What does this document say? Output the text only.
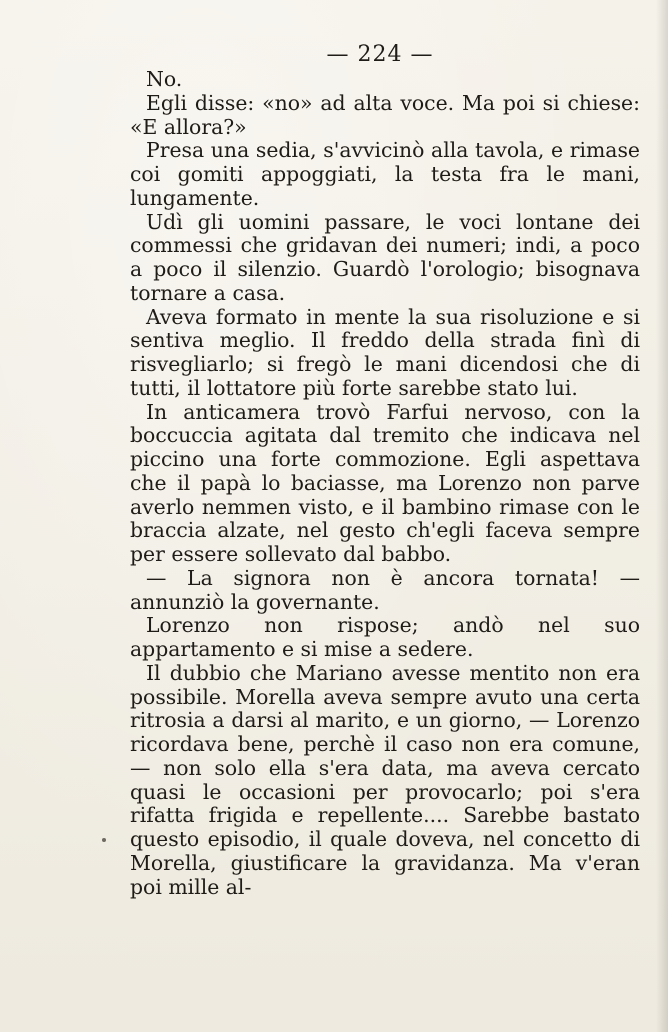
— 224 —

No.

Egli disse: «no» ad alta voce. Ma poi si chiese: «E allora?»

Presa una sedia, s'avvicinò alla tavola, e rimase coi gomiti appoggiati, la testa fra le mani, lungamente.

Udì gli uomini passare, le voci lontane dei commessi che gridavan dei numeri; indi, a poco a poco il silenzio. Guardò l'orologio; bisognava tornare a casa.

Aveva formato in mente la sua risoluzione e si sentiva meglio. Il freddo della strada finì di risvegliarlo; si fregò le mani dicendosi che di tutti, il lottatore più forte sarebbe stato lui.

In anticamera trovò Farfui nervoso, con la boccuccia agitata dal tremito che indicava nel piccino una forte commozione. Egli aspettava che il papà lo baciasse, ma Lorenzo non parve averlo nemmen visto, e il bambino rimase con le braccia alzate, nel gesto ch'egli faceva sempre per essere sollevato dal babbo.

— La signora non è ancora tornata! — annunziò la governante.

Lorenzo non rispose; andò nel suo appartamento e si mise a sedere.

Il dubbio che Mariano avesse mentito non era possibile. Morella aveva sempre avuto una certa ritrosia a darsi al marito, e un giorno, — Lorenzo ricordava bene, perchè il caso non era comune, — non solo ella s'era data, ma aveva cercato quasi le occasioni per provocarlo; poi s'era rifatta frigida e repellente.... Sarebbe bastato questo episodio, il quale doveva, nel concetto di Morella, giustificare la gravidanza. Ma v'eran poi mille al-
